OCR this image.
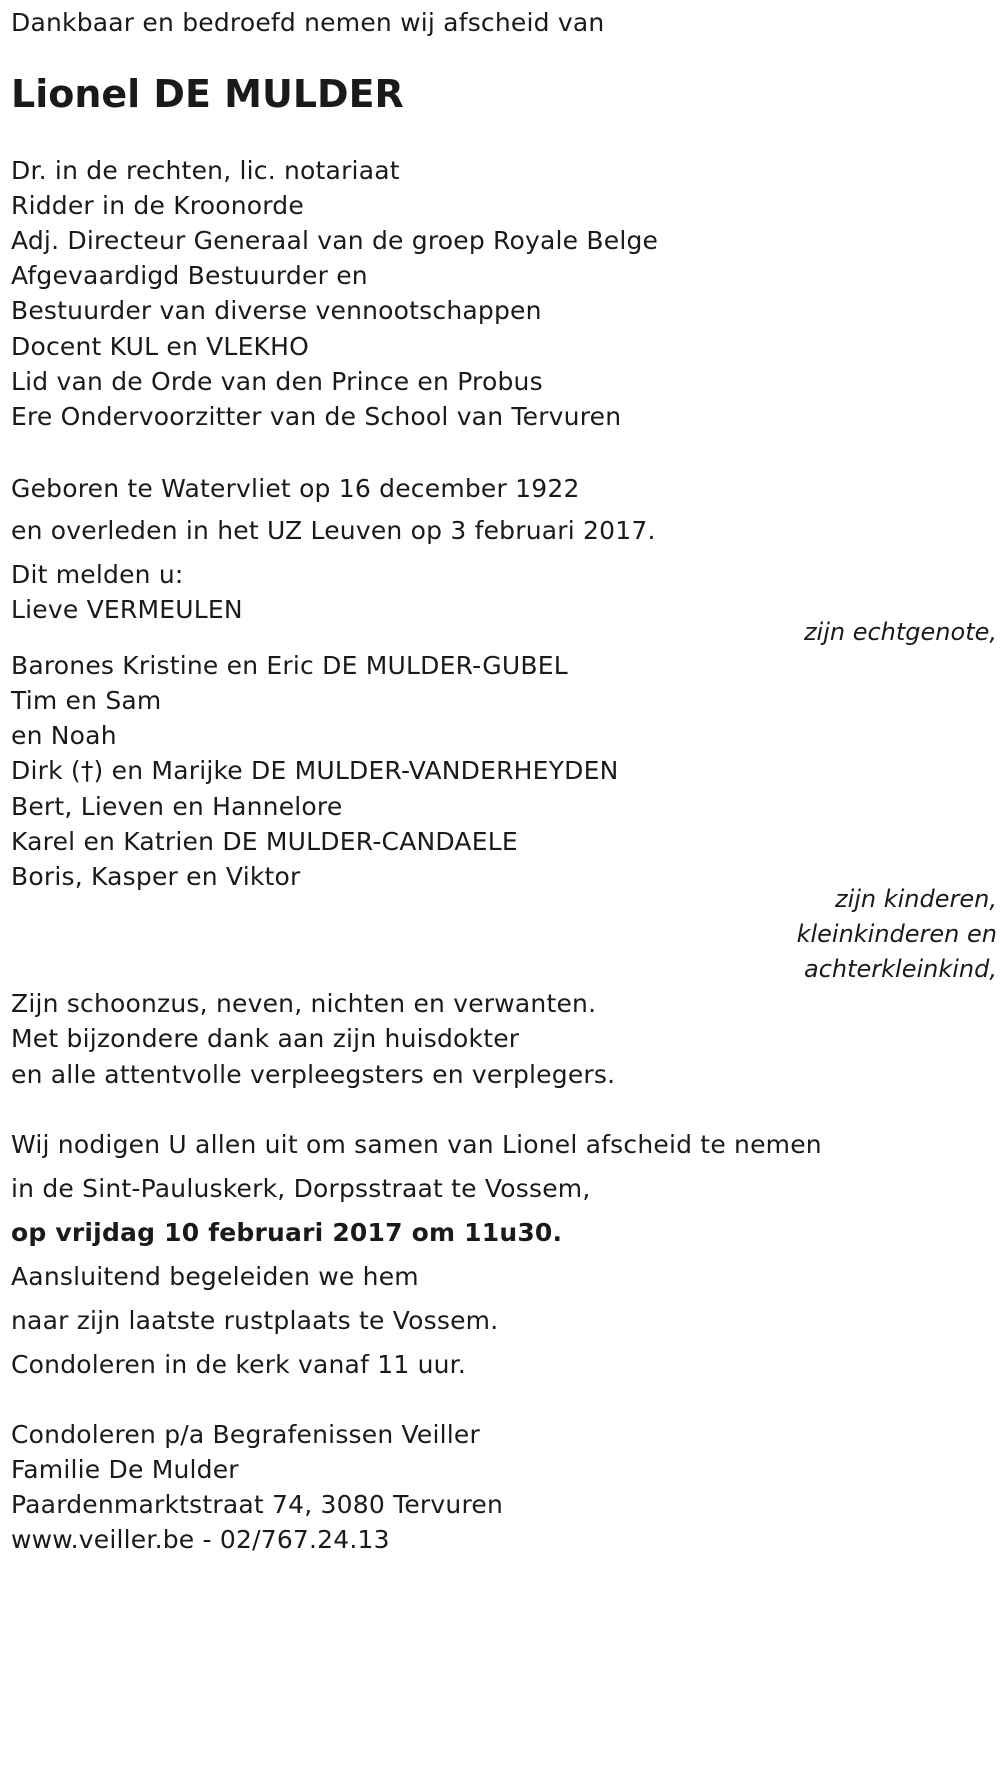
Dankbaar en bedroefd nemen wij afscheid van
Lionel DE MULDER
Dr. in de rechten, lic. notariaat
Ridder in de Kroonorde
Adj. Directeur Generaal van de groep Royale Belge
Afgevaardigd Bestuurder en
Bestuurder van diverse vennootschappen
Docent KUL en VLEKHO
Lid van de Orde van den Prince en Probus
Ere Ondervoorzitter van de School van Tervuren
Geboren te Watervliet op 16 december 1922
en overleden in het UZ Leuven op 3 februari 2017.
Dit melden u:
Lieve VERMEULEN
zijn echtgenote,
Barones Kristine en Eric DE MULDER-GUBEL
Tim en Sam
en Noah
Dirk (†) en Marijke DE MULDER-VANDERHEYDEN
Bert, Lieven en Hannelore
Karel en Katrien DE MULDER-CANDAELE
Boris, Kasper en Viktor
zijn kinderen,
kleinkinderen en
achterkleinkind,
Zijn schoonzus, neven, nichten en verwanten.
Met bijzondere dank aan zijn huisdokter
en alle attentvolle verpleegsters en verplegers.
Wij nodigen U allen uit om samen van Lionel afscheid te nemen
in de Sint-Pauluskerk, Dorpsstraat te Vossem,
op vrijdag 10 februari 2017 om 11u30.
Aansluitend begeleiden we hem
naar zijn laatste rustplaats te Vossem.
Condoleren in de kerk vanaf 11 uur.
Condoleren p/a Begrafenissen Veiller
Familie De Mulder
Paardenmarktstraat 74, 3080 Tervuren
www.veiller.be - 02/767.24.13
